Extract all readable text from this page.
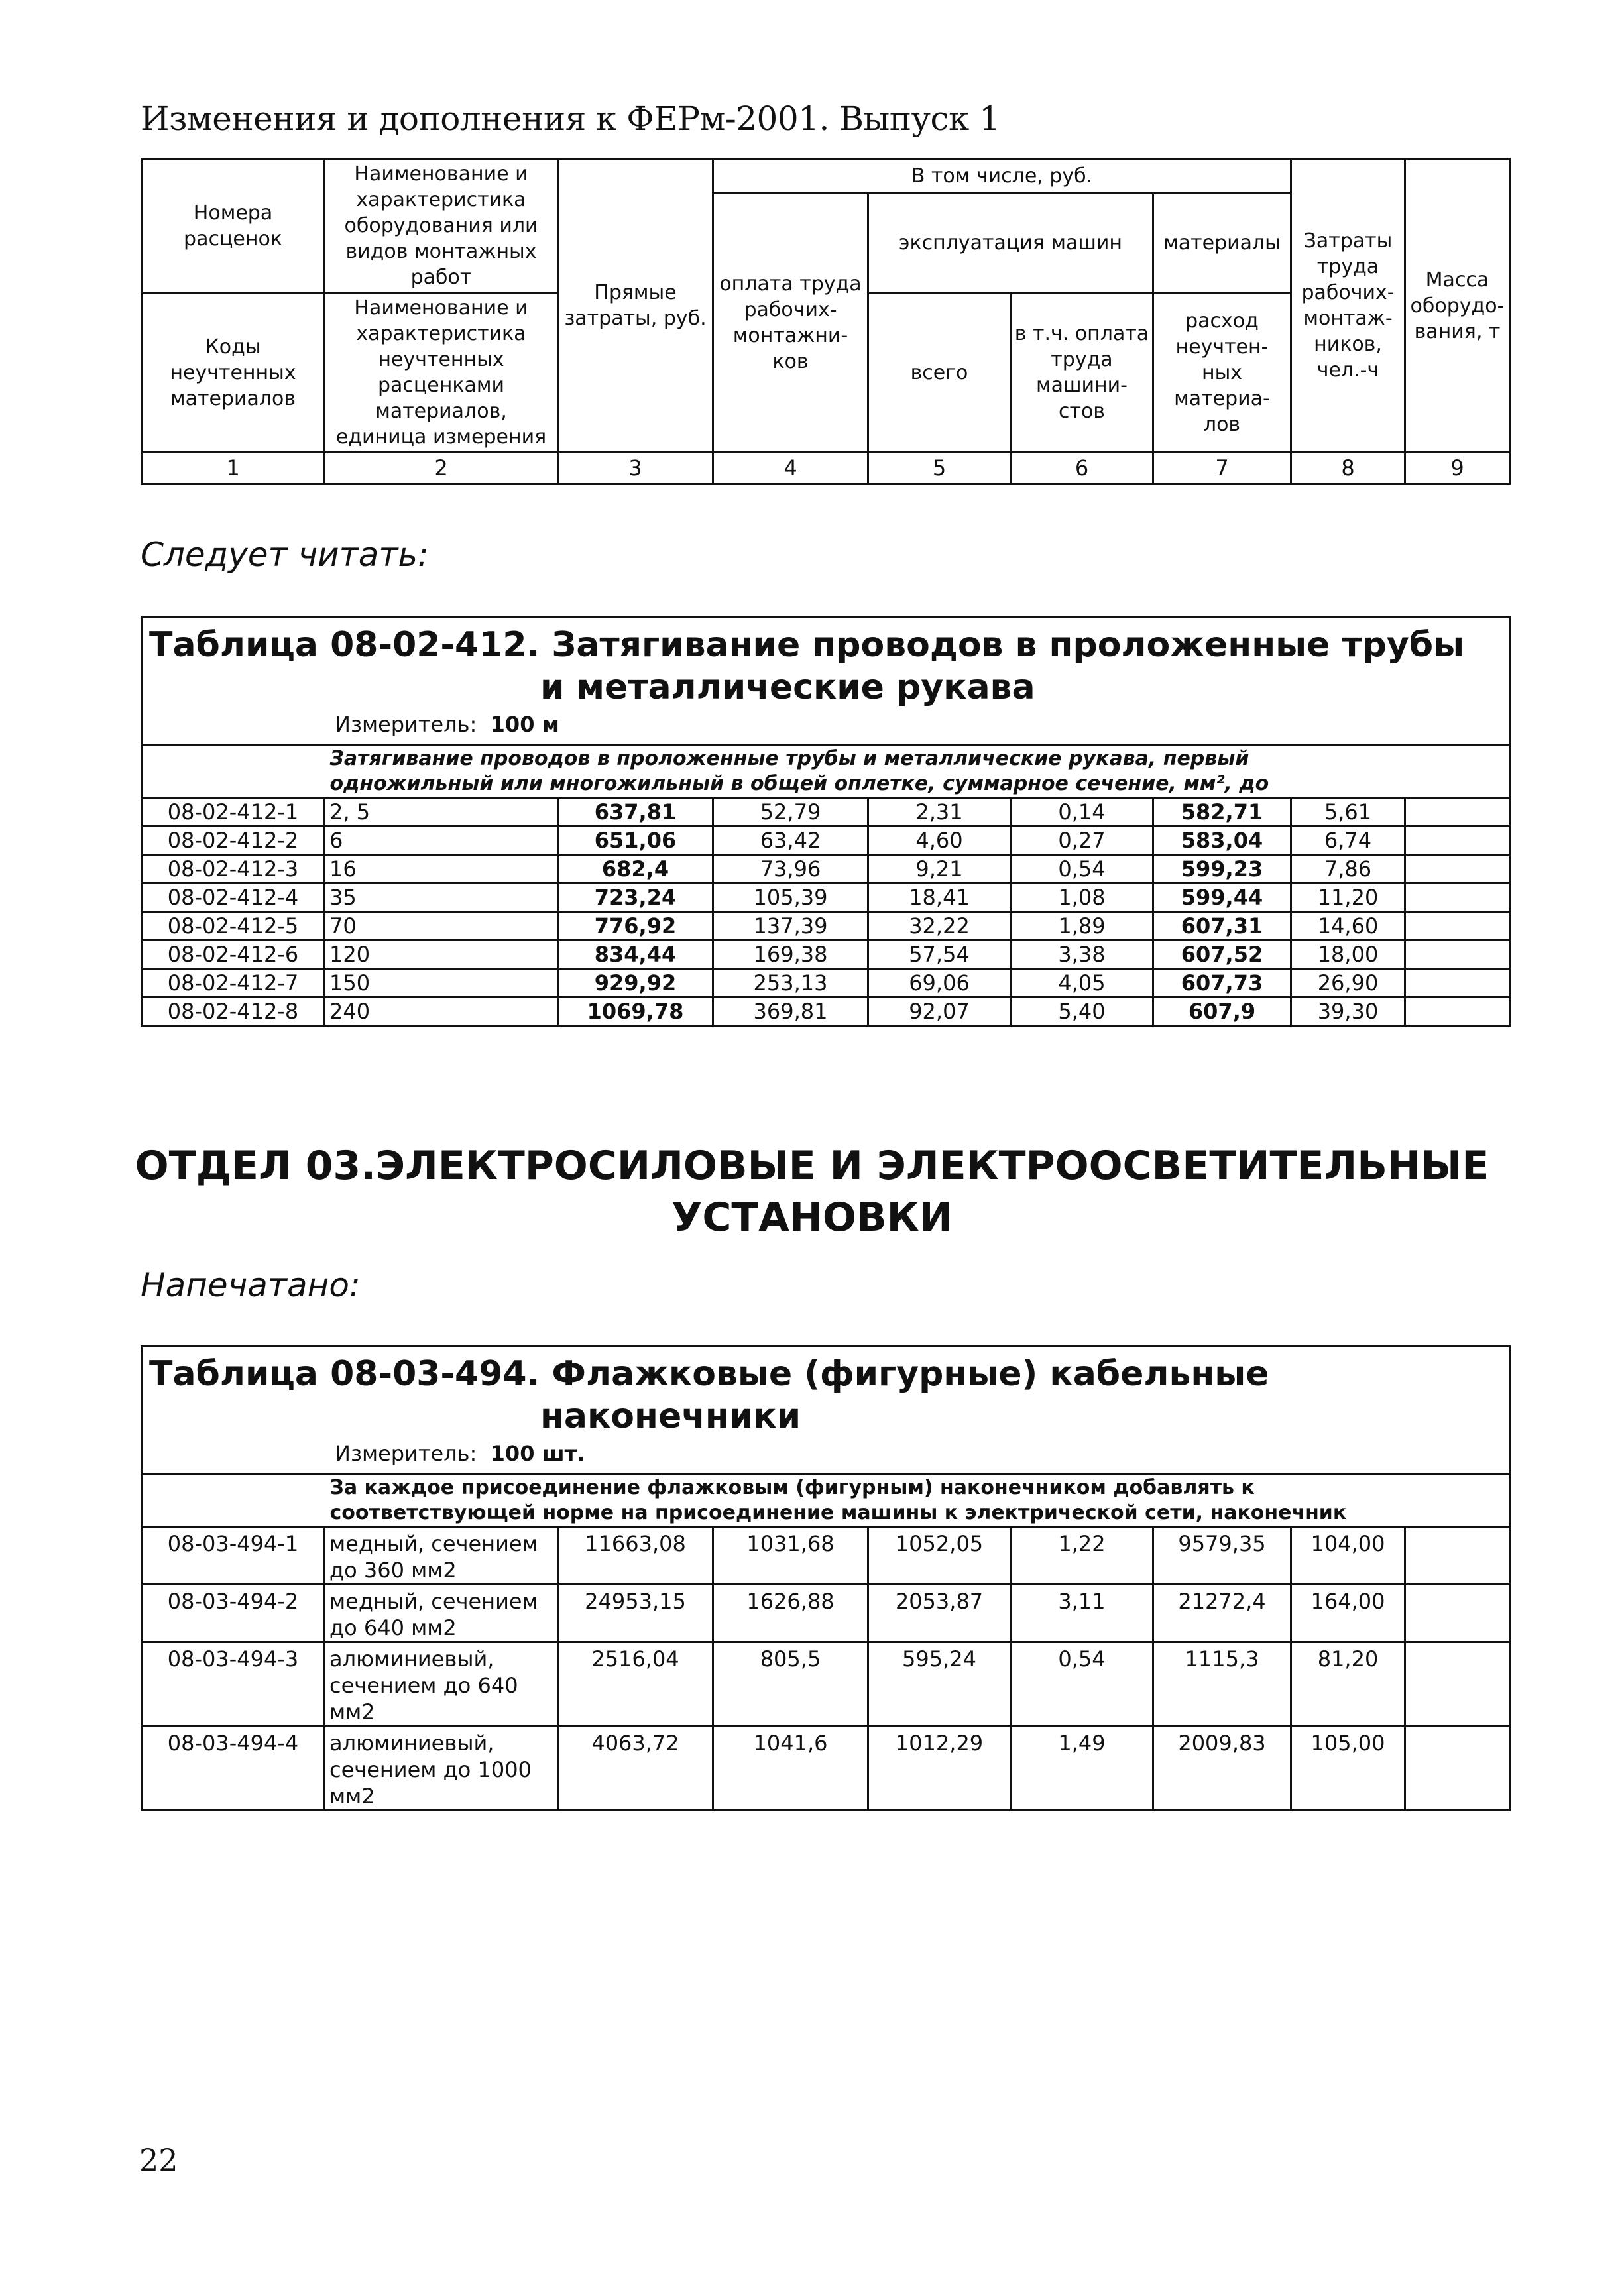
Изменения и дополнения к ФЕРм-2001. Выпуск 1
Номера расценок	Наименование и характеристика оборудования или видов монтажных работ	Прямые затраты, руб.	В том числе, руб.				Затраты труда рабочих-монтаж-ников, чел.-ч	Масса оборудо-вания, т
			оплата труда рабочих-монтажни-ков	эксплуатация машин		материалы		

Коды неучтенных материалов	Наименование и характеристика неучтенных расценками материалов, единица измерения			всего	в т.ч. оплата труда машини-стов	расход неучтен-ных материа-лов		

1	2	3	4	5	6	7	8	9
Следует читать:
Таблица 08-02-412. Затягивание проводов в проложенные трубы
и металлические рукава								

Измеритель: 100 м								
	Затягивание проводов в проложенные трубы и металлические рукава, первый
одножильный или многожильный в общей оплетке, суммарное сечение, мм², до							
08-02-412-1	2, 5	637,81	52,79	2,31	0,14	582,71	5,61	
08-02-412-2	6	651,06	63,42	4,60	0,27	583,04	6,74	
08-02-412-3	16	682,4	73,96	9,21	0,54	599,23	7,86	
08-02-412-4	35	723,24	105,39	18,41	1,08	599,44	11,20	
08-02-412-5	70	776,92	137,39	32,22	1,89	607,31	14,60	
08-02-412-6	120	834,44	169,38	57,54	3,38	607,52	18,00	
08-02-412-7	150	929,92	253,13	69,06	4,05	607,73	26,90	
08-02-412-8	240	1069,78	369,81	92,07	5,40	607,9	39,30	
ОТДЕЛ 03.ЭЛЕКТРОСИЛОВЫЕ И ЭЛЕКТРООСВЕТИТЕЛЬНЫЕ
УСТАНОВКИ
Напечатано:
Таблица 08-03-494. Флажковые (фигурные) кабельные
наконечники								

Измеритель: 100 шт.								
	За каждое присоединение флажковым (фигурным) наконечником добавлять к
соответствующей норме на присоединение машины к электрической сети, наконечник							
08-03-494-1	медный, сечением
до 360 мм2	11663,08	1031,68	1052,05	1,22	9579,35	104,00	
08-03-494-2	медный, сечением
до 640 мм2	24953,15	1626,88	2053,87	3,11	21272,4	164,00	
08-03-494-3	алюминиевый,
сечением до 640
мм2	2516,04	805,5	595,24	0,54	1115,3	81,20	
08-03-494-4	алюминиевый,
сечением до 1000
мм2	4063,72	1041,6	1012,29	1,49	2009,83	105,00	
22
